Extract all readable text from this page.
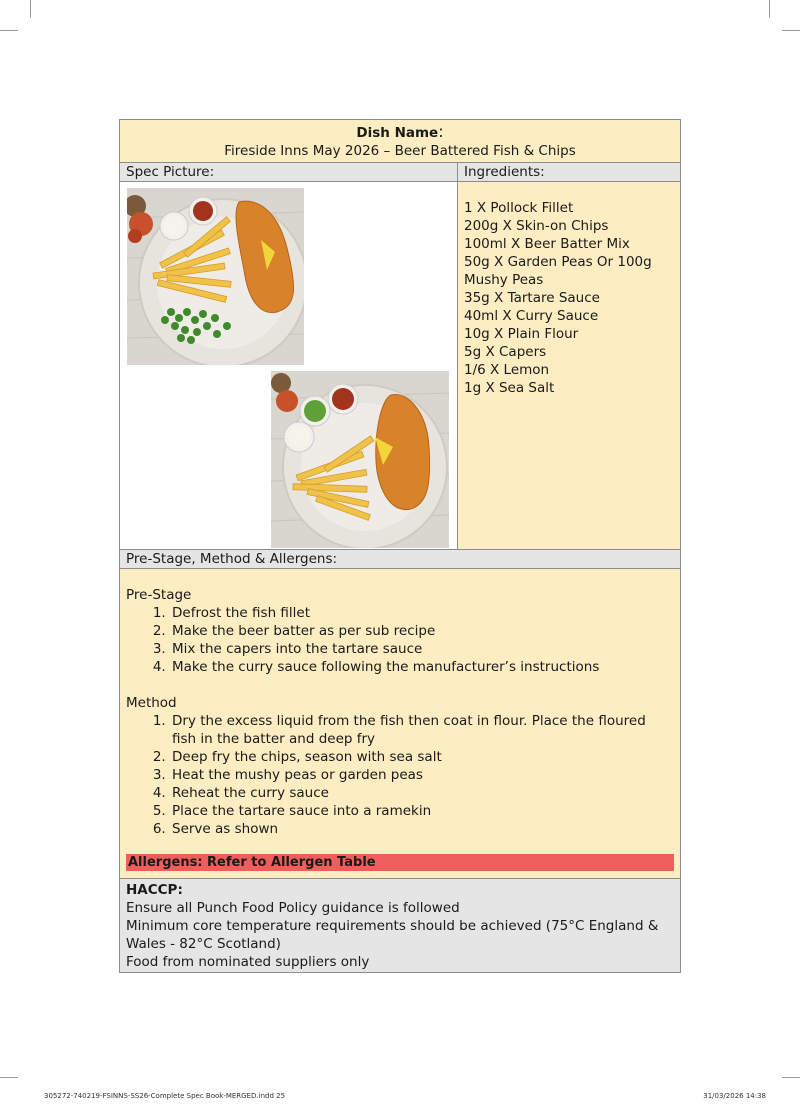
Dish Name:
Fireside Inns May 2026 – Beer Battered Fish & Chips
Spec Picture:	Ingredients:
1 X Pollock Fillet
200g X Skin-on Chips
100ml X Beer Batter Mix
50g X Garden Peas Or 100g Mushy Peas
35g X Tartare Sauce
40ml X Curry Sauce
10g X Plain Flour
5g X Capers
1/6 X Lemon
1g X Sea Salt
Pre-Stage, Method & Allergens:

Pre-Stage

1. Defrost the fish fillet
2. Make the beer batter as per sub recipe
3. Mix the capers into the tartare sauce
4. Make the curry sauce following the manufacturer’s instructions

Method

1. Dry the excess liquid from the fish then coat in flour. Place the floured fish in the batter and deep fry
2. Deep fry the chips, season with sea salt
3. Heat the mushy peas or garden peas
4. Reheat the curry sauce
5. Place the tartare sauce into a ramekin
6. Serve as shown
Allergens: Refer to Allergen Table
HACCP:
Ensure all Punch Food Policy guidance is followed
Minimum core temperature requirements should be achieved (75°C England & Wales - 82°C Scotland)
Food from nominated suppliers only
305272-740219-FSINNS-SS26-Complete Spec Book-MERGED.indd 25	31/03/2026 14:38
